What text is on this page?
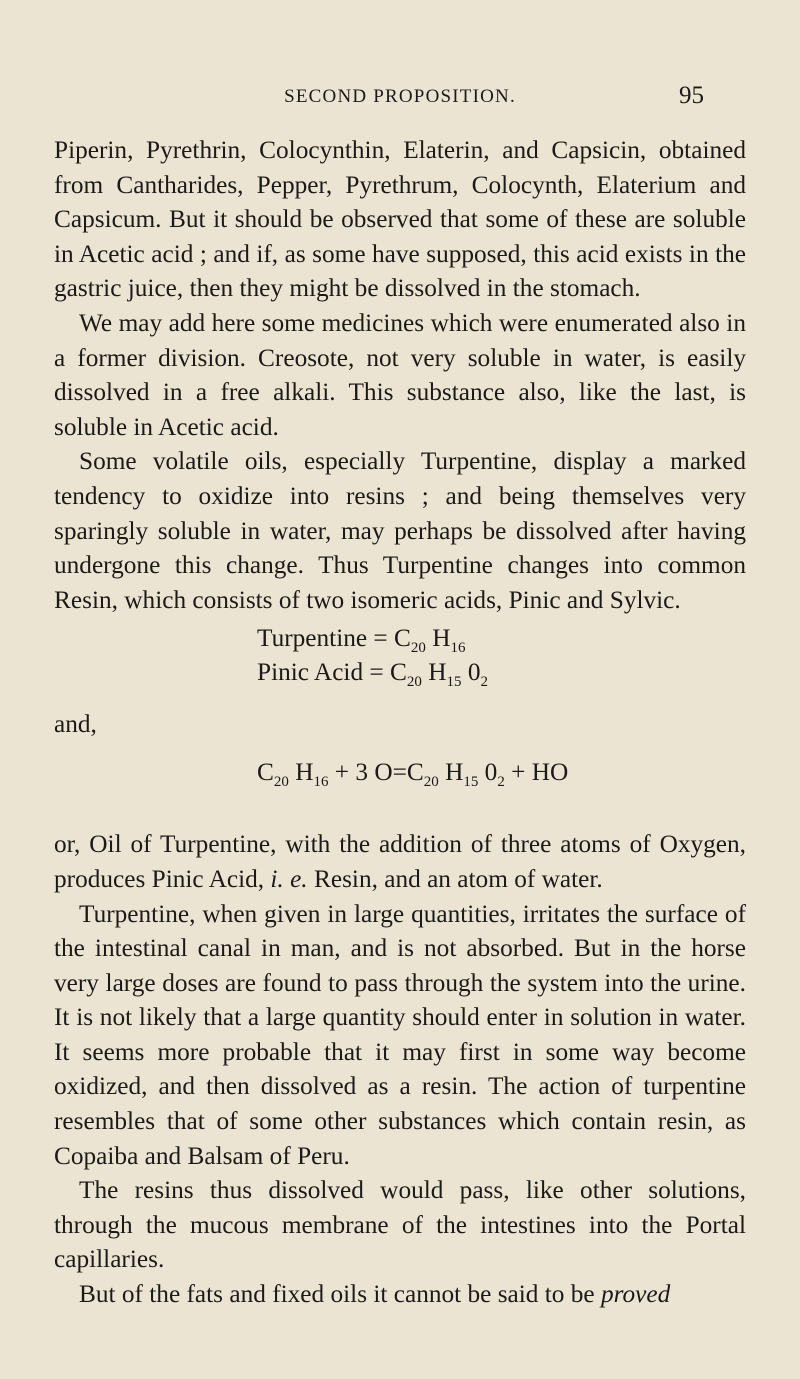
SECOND PROPOSITION.	95

Piperin, Pyrethrin, Colocynthin, Elaterin, and Capsicin, obtained from Cantharides, Pepper, Pyrethrum, Colocynth, Elaterium and Capsicum. But it should be observed that some of these are soluble in Acetic acid ; and if, as some have supposed, this acid exists in the gastric juice, then they might be dissolved in the stomach.

We may add here some medicines which were enumerated also in a former division. Creosote, not very soluble in water, is easily dissolved in a free alkali. This substance also, like the last, is soluble in Acetic acid.

Some volatile oils, especially Turpentine, display a marked tendency to oxidize into resins ; and being themselves very sparingly soluble in water, may perhaps be dissolved after having undergone this change. Thus Turpentine changes into common Resin, which consists of two isomeric acids, Pinic and Sylvic.

Turpentine = $C_{20}$ $H_{16}$
Pinic Acid = $C_{20}$ $H_{15}$ $0_2$
and,
$C_{20}$ $H_{16} + 3$ $O=C_{20}$ $H_{15}$ $0_2$ + HO

or, Oil of Turpentine, with the addition of three atoms of Oxygen, produces Pinic Acid, i. e. Resin, and an atom of water.

Turpentine, when given in large quantities, irritates the surface of the intestinal canal in man, and is not absorbed. But in the horse very large doses are found to pass through the system into the urine. It is not likely that a large quantity should enter in solution in water. It seems more probable that it may first in some way become oxidized, and then dissolved as a resin. The action of turpentine resembles that of some other substances which contain resin, as Copaiba and Balsam of Peru.

The resins thus dissolved would pass, like other solutions, through the mucous membrane of the intestines into the Portal capillaries.

But of the fats and fixed oils it cannot be said to be proved
